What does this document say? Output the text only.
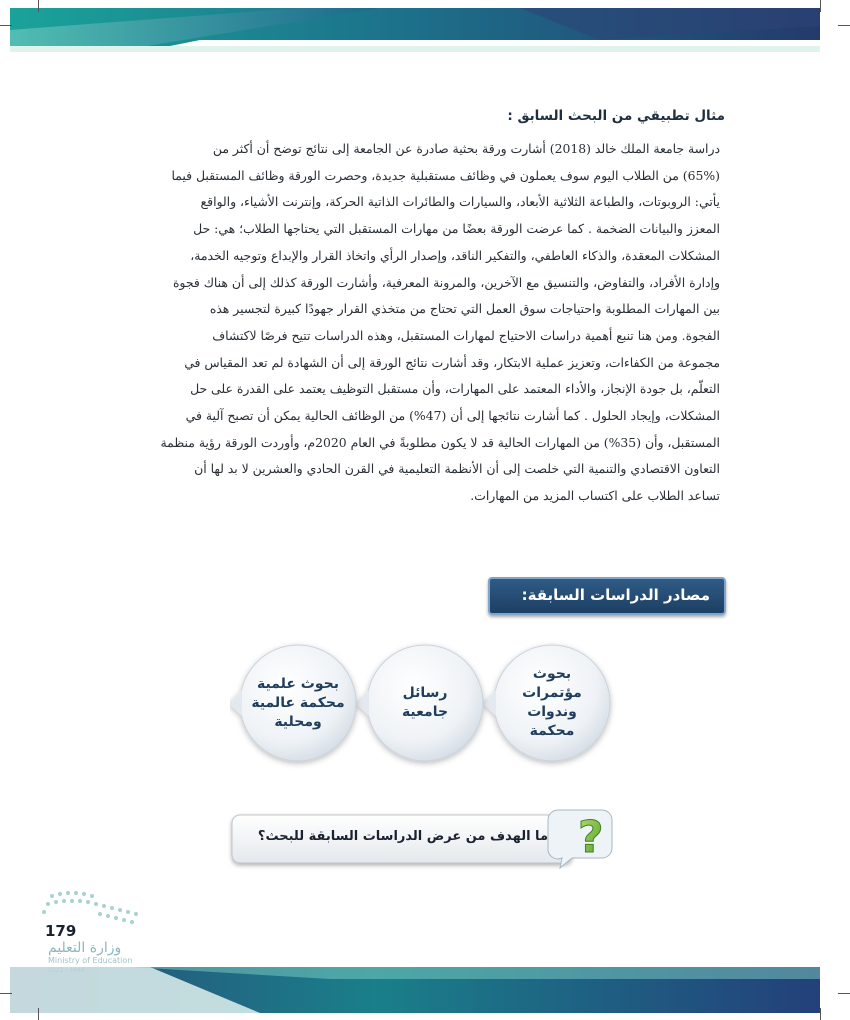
مثال تطبيقي من البحث السابق :

دراسة جامعة الملك خالد (2018) أشارت ورقة بحثية صادرة عن الجامعة إلى نتائج توضح أن أكثر من

(65%) من الطلاب اليوم سوف يعملون في وظائف مستقبلية جديدة، وحصرت الورقة وظائف المستقبل فيما

يأتي: الروبوتات، والطباعة الثلاثية الأبعاد، والسيارات والطائرات الذاتية الحركة، وإنترنت الأشياء، والواقع

المعزز والبيانات الضخمة . كما عرضت الورقة بعضًا من مهارات المستقبل التي يحتاجها الطلاب؛ هي: حل

المشكلات المعقدة، والذكاء العاطفي، والتفكير الناقد، وإصدار الرأي واتخاذ القرار والإبداع وتوجيه الخدمة،

وإدارة الأفراد، والتفاوض، والتنسيق مع الآخرين، والمرونة المعرفية، وأشارت الورقة كذلك إلى أن هناك فجوة

بين المهارات المطلوبة واحتياجات سوق العمل التي تحتاج من متخذي القرار جهودًا كبيرة لتجسير هذه

الفجوة. ومن هنا تنبع أهمية دراسات الاحتياج لمهارات المستقبل، وهذه الدراسات تتيح فرصًا لاكتشاف

مجموعة من الكفاءات، وتعزيز عملية الابتكار، وقد أشارت نتائج الورقة إلى أن الشهادة لم تعد المقياس في

التعلّم، بل جودة الإنجاز، والأداء المعتمد على المهارات، وأن مستقبل التوظيف يعتمد على القدرة على حل

المشكلات، وإيجاد الحلول . كما أشارت نتائجها إلى أن (47%) من الوظائف الحالية يمكن أن تصبح آلية في

المستقبل، وأن (35%) من المهارات الحالية قد لا يكون مطلوبةً في العام 2020م، وأوردت الورقة رؤية منظمة

التعاون الاقتصادي والتنمية التي خلصت إلى أن الأنظمة التعليمية في القرن الحادي والعشرين لا بد لها أن

تساعد الطلاب على اكتساب المزيد من المهارات.

مصادر الدراسات السابقة:
بحوث
مؤتمرات
وندوات
محكمة
رسائل
جامعية
بحوث علمية
محكمة عالمية
ومحلية
?
ما الهدف من عرض الدراسات السابقة للبحث؟
179
وزارة التعليم
Ministry of Education
2022 - 1444
